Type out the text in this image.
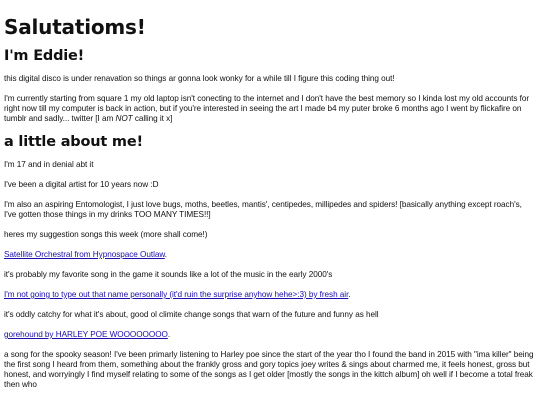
Salutatioms!
I'm Eddie!

this digital disco is under renavation so things ar gonna look wonky for a while till I figure this coding thing out!

I'm currently starting from square 1 my old laptop isn't conecting to the internet and I don't have the best memory so I kinda lost my old accounts for right now till my computer is back in action, but if you're interested in seeing the art I made b4 my puter broke 6 months ago I went by flickafire on tumblr and sadly... twitter [I am NOT calling it x]

a little about me!

I'm 17 and in denial abt it

I've been a digital artist for 10 years now :D

I'm also an aspiring Entomologist, I just love bugs, moths, beetles, mantis', centipedes, millipedes and spiders! [basically anything except roach's, I've gotten those things in my drinks TOO MANY TIMES!!]

heres my suggestion songs this week (more shall come!)

Satellite Orchestral from Hypnospace Outlaw.

it's probably my favorite song in the game it sounds like a lot of the music in the early 2000's

I'm not going to type out that name personally (it'd ruin the surprise anyhow hehe>:3) by fresh air.

it's oddly catchy for what it's about, good ol climite change songs that warn of the future and funny as hell

gorehound by HARLEY POE WOOOOOOOO.

a song for the spooky season! I've been primarly listening to Harley poe since the start of the year tho I found the band in 2015 with "ima killer" being the first song I heard from them, something about the frankly gross and gory topics joey writes & sings about charmed me, it feels honest, gross but honest, and worryingly I find myself relating to some of the songs as I get older [mostly the songs in the kittch album] oh well if I become a total freak then who
